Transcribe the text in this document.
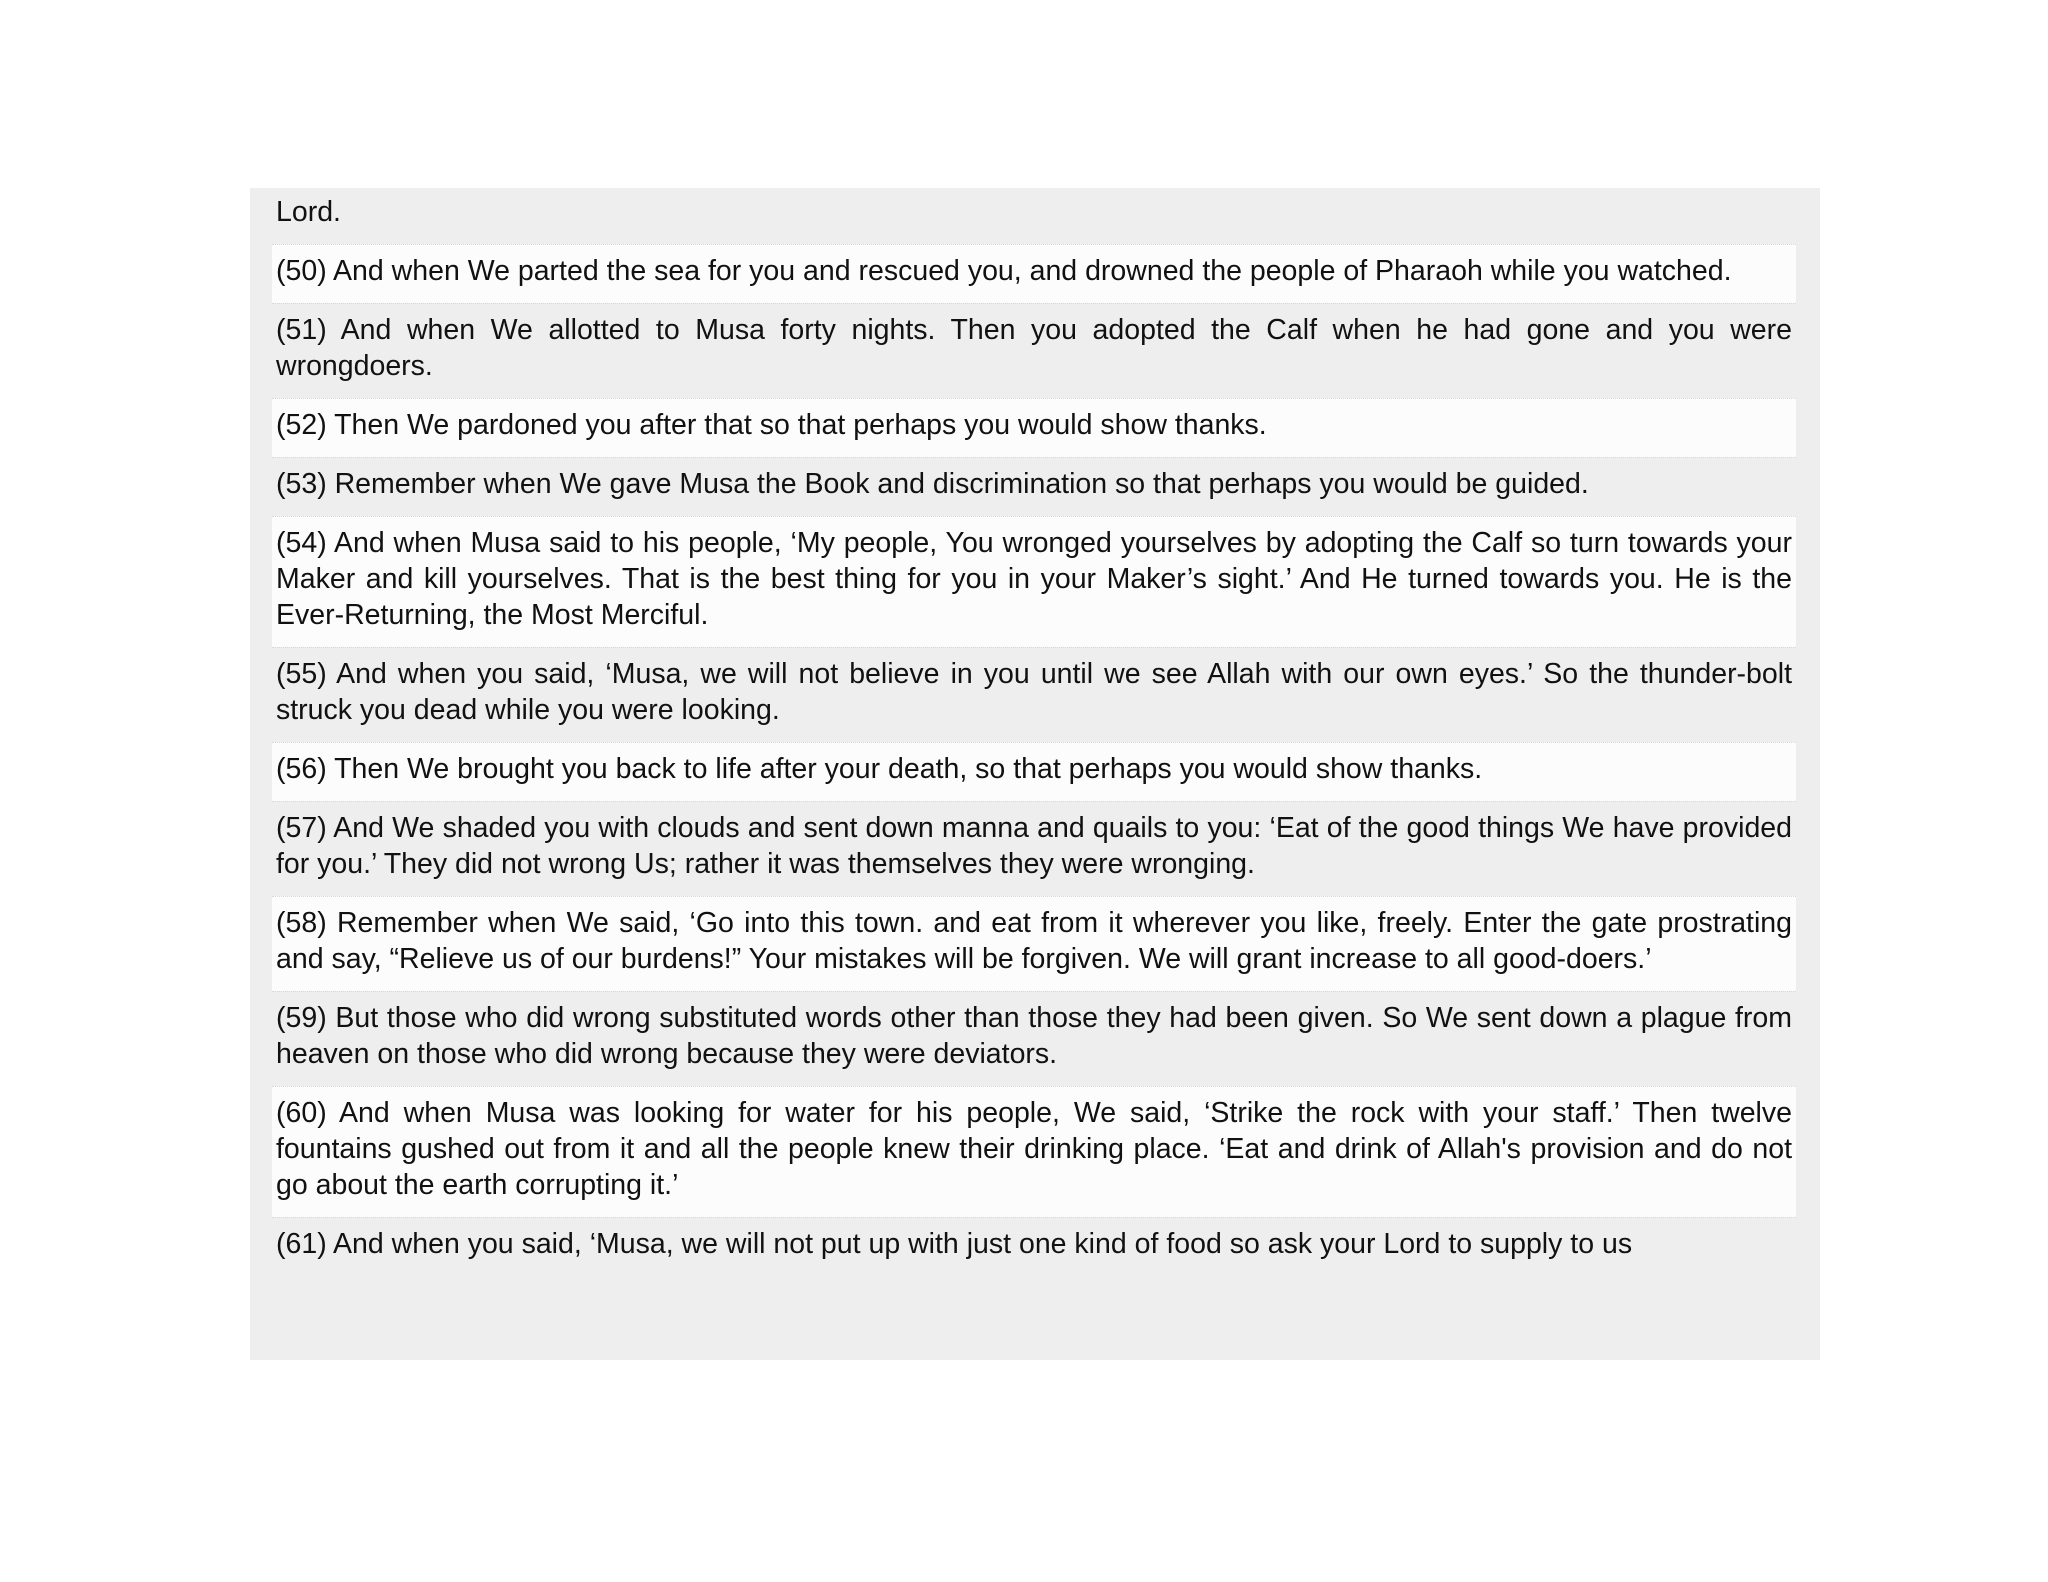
Lord.
(50) And when We parted the sea for you and rescued you, and drowned the people of Pharaoh while you watched.
(51) And when We allotted to Musa forty nights. Then you adopted the Calf when he had gone and you were wrongdoers.
(52) Then We pardoned you after that so that perhaps you would show thanks.
(53) Remember when We gave Musa the Book and discrimination so that perhaps you would be guided.
(54) And when Musa said to his people, ‘My people, You wronged yourselves by adopting the Calf so turn towards your Maker and kill yourselves. That is the best thing for you in your Maker’s sight.’ And He turned towards you. He is the Ever-Returning, the Most Merciful.
(55) And when you said, ‘Musa, we will not believe in you until we see Allah with our own eyes.’ So the thunder-bolt struck you dead while you were looking.
(56) Then We brought you back to life after your death, so that perhaps you would show thanks.
(57) And We shaded you with clouds and sent down manna and quails to you: ‘Eat of the good things We have provided for you.’ They did not wrong Us; rather it was themselves they were wronging.
(58) Remember when We said, ‘Go into this town. and eat from it wherever you like, freely. Enter the gate prostrating and say, “Relieve us of our burdens!” Your mistakes will be forgiven. We will grant increase to all good-doers.’
(59) But those who did wrong substituted words other than those they had been given. So We sent down a plague from heaven on those who did wrong because they were deviators.
(60) And when Musa was looking for water for his people, We said, ‘Strike the rock with your staff.’ Then twelve fountains gushed out from it and all the people knew their drinking place. ‘Eat and drink of Allah's provision and do not go about the earth corrupting it.’
(61) And when you said, ‘Musa, we will not put up with just one kind of food so ask your Lord to supply to us
